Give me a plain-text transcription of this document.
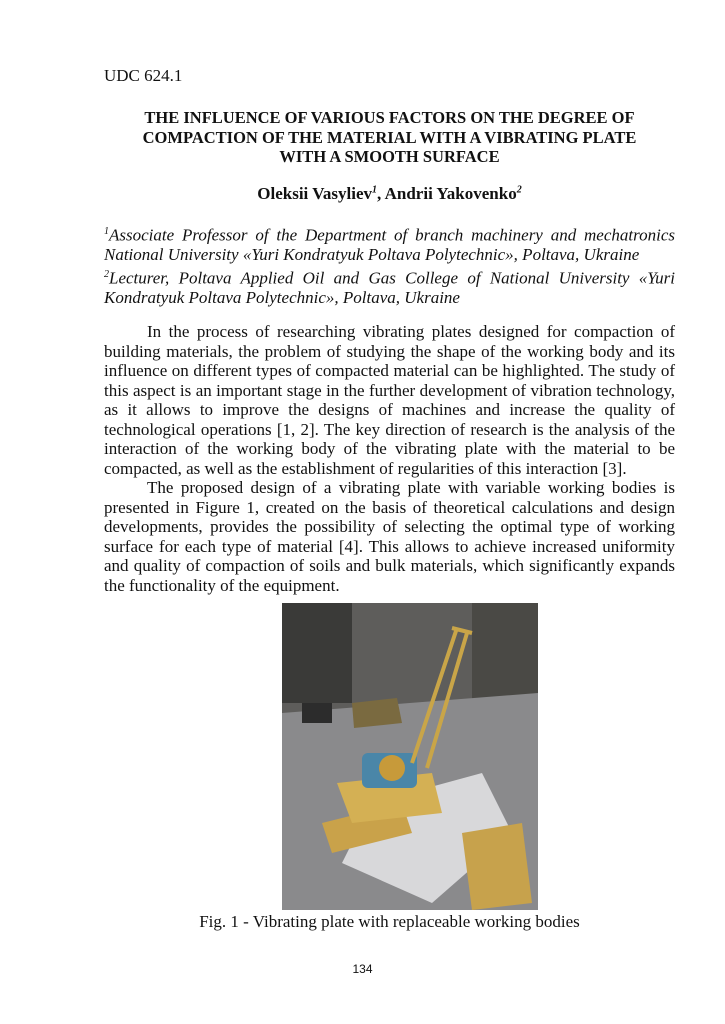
UDC 624.1
THE INFLUENCE OF VARIOUS FACTORS ON THE DEGREE OF
COMPACTION OF THE MATERIAL WITH A VIBRATING PLATE
WITH A SMOOTH SURFACE
Oleksii Vasyliev$^1$, Andrii Yakovenko$^2$
$^1$Associate Professor of the Department of branch machinery and mechatronics
National University «Yuri Kondratyuk Poltava Polytechnic», Poltava, Ukraine
$^2$Lecturer, Poltava Applied Oil and Gas College of National University «Yuri
Kondratyuk Poltava Polytechnic», Poltava, Ukraine
In the process of researching vibrating plates designed for compaction of
building materials, the problem of studying the shape of the working body and its
influence on different types of compacted material can be highlighted. The study of
this aspect is an important stage in the further development of vibration technology,
as it allows to improve the designs of machines and increase the quality of
technological operations [1, 2]. The key direction of research is the analysis of the
interaction of the working body of the vibrating plate with the material to be
compacted, as well as the establishment of regularities of this interaction [3].
The proposed design of a vibrating plate with variable working bodies is
presented in Figure 1, created on the basis of theoretical calculations and design
developments, provides the possibility of selecting the optimal type of working
surface for each type of material [4]. This allows to achieve increased uniformity
and quality of compaction of soils and bulk materials, which significantly expands
the functionality of the equipment.
Fig. 1 - Vibrating plate with replaceable working bodies
134
